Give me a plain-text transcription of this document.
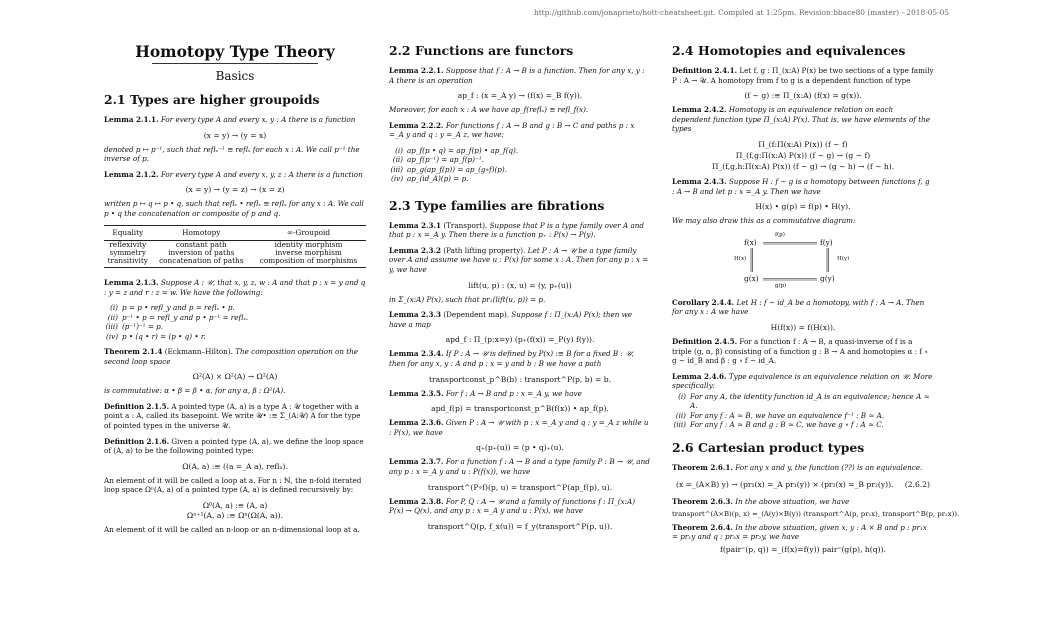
http://github.com/jonaprieto/hott-cheatsheet.git. Compiled at 1:25pm. Revision:bbace80 (master) - 2018-05-05
Homotopy Type Theory
Basics
2.1 Types are higher groupoids
Lemma 2.1.1. For every type A and every x, y : A there is a function
(x = y) → (y = x)
denoted p ↦ p⁻¹, such that reflₓ⁻¹ ≡ reflₓ for each x : A. We call p⁻¹ the inverse of p.
Lemma 2.1.2. For every type A and every x, y, z : A there is a function
(x = y) → (y = z) → (x = z)
written p ↦ q ↦ p • q, such that reflₓ • reflₓ ≡ reflₓ for any x : A. We call p • q the concatenation or composite of p and q.
Equality	Homotopy	∞-Groupoid
reflexivity	constant path	identity morphism
symmetry	inversion of paths	inverse morphism
transitivity	concatenation of paths	composition of morphisms
Lemma 2.1.3. Suppose A : 𝒰, that x, y, z, w : A and that p : x = y and q : y = z and r : z = w. We have the following:
(i) p = p • refl_y and p = reflₓ • p.
(ii) p⁻¹ • p = refl_y and p • p⁻¹ = reflₓ.
(iii) (p⁻¹)⁻¹ = p.
(iv) p • (q • r) = (p • q) • r.
Theorem 2.1.4 (Eckmann–Hilton). The composition operation on the second loop space
Ω²(A) × Ω²(A) → Ω²(A)
is commutative: α • β = β • α, for any α, β : Ω²(A).
Definition 2.1.5. A pointed type (A, a) is a type A : 𝒰 together with a point a : A, called its basepoint. We write 𝒰• :≡ Σ_(A:𝒰) A for the type of pointed types in the universe 𝒰.
Definition 2.1.6. Given a pointed type (A, a), we define the loop space of (A, a) to be the following pointed type:
Ω(A, a) :≡ ((a =_A a), reflₐ).
An element of it will be called a loop at a. For n : ℕ, the n-fold iterated loop space Ωⁿ(A, a) of a pointed type (A, a) is defined recursively by:
Ω⁰(A, a) :≡ (A, a)
Ωⁿ⁺¹(A, a) :≡ Ωⁿ(Ω(A, a)).
An element of it will be called an n-loop or an n-dimensional loop at a.
2.2 Functions are functors
Lemma 2.2.1. Suppose that f : A → B is a function. Then for any x, y : A there is an operation
ap_f : (x =_A y) → (f(x) =_B f(y)).
Moreover, for each x : A we have ap_f(reflₓ) ≡ refl_f(x).
Lemma 2.2.2. For functions f : A → B and g : B → C and paths p : x =_A y and q : y =_A z, we have:
(i) ap_f(p • q) = ap_f(p) • ap_f(q).
(ii) ap_f(p⁻¹) = ap_f(p)⁻¹.
(iii) ap_g(ap_f(p)) = ap_(g∘f)(p).
(iv) ap_(id_A)(p) = p.
2.3 Type families are fibrations
Lemma 2.3.1 (Transport). Suppose that P is a type family over A and that p : x =_A y. Then there is a function p₊ : P(x) → P(y).
Lemma 2.3.2 (Path lifting property). Let P : A → 𝒰 be a type family over A and assume we have u : P(x) for some x : A. Then for any p : x = y, we have
lift(u, p) : (x, u) = (y, p₊(u))
in Σ_(x:A) P(x), such that pr₁(lift(u, p)) = p.
Lemma 2.3.3 (Dependent map). Suppose f : Π_(x:A) P(x); then we have a map
apd_f : Π_(p:x=y) (p₊(f(x)) =_P(y) f(y)).
Lemma 2.3.4. If P : A → 𝒰 is defined by P(x) :≡ B for a fixed B : 𝒰, then for any x, y : A and p : x = y and b : B we have a path
transportconst_p^B(b) : transport^P(p, b) = b.
Lemma 2.3.5. For f : A → B and p : x =_A y, we have
apd_f(p) = transportconst_p^B(f(x)) • ap_f(p).
Lemma 2.3.6. Given P : A → 𝒰 with p : x =_A y and q : y =_A z while u : P(x), we have
q₊(p₊(u)) = (p • q)₊(u).
Lemma 2.3.7. For a function f : A → B and a type family P : B → 𝒰, and any p : x =_A y and u : P(f(x)), we have
transport^(P∘f)(p, u) = transport^P(ap_f(p), u).
Lemma 2.3.8. For P, Q : A → 𝒰 and a family of functions f : Π_(x:A) P(x) → Q(x), and any p : x =_A y and u : P(x), we have
transport^Q(p, f_x(u)) = f_y(transport^P(p, u)).
2.4 Homotopies and equivalences
Definition 2.4.1. Let f, g : Π_(x:A) P(x) be two sections of a type family P : A → 𝒰. A homotopy from f to g is a dependent function of type
(f ∼ g) :≡ Π_(x:A) (f(x) = g(x)).
Lemma 2.4.2. Homotopy is an equivalence relation on each dependent function type Π_(x:A) P(x). That is, we have elements of the types
Π_(f:Π(x:A) P(x)) (f ∼ f)
Π_(f,g:Π(x:A) P(x)) (f ∼ g) → (g ∼ f)
Π_(f,g,h:Π(x:A) P(x)) (f ∼ g) → (g ∼ h) → (f ∼ h).
Lemma 2.4.3. Suppose H : f ∼ g is a homotopy between functions f, g : A → B and let p : x =_A y. Then we have
H(x) • g(p) = f(p) • H(y).
We may also draw this as a commutative diagram:
f(p)
f(x)	f(y)
H(x)	H(y)
g(x)	g(y)
g(p)
Corollary 2.4.4. Let H : f ∼ id_A be a homotopy, with f : A → A. Then for any x : A we have
H(f(x)) = f(H(x)).
Definition 2.4.5. For a function f : A → B, a quasi-inverse of f is a triple (g, α, β) consisting of a function g : B → A and homotopies α : f ∘ g ∼ id_B and β : g ∘ f ∼ id_A.
Lemma 2.4.6. Type equivalence is an equivalence relation on 𝒰. More specifically:
(i) For any A, the identity function id_A is an equivalence; hence A ≃ A.
(ii) For any f : A ≃ B, we have an equivalence f⁻¹ : B ≃ A.
(iii) For any f : A ≃ B and g : B ≃ C, we have g ∘ f : A ≃ C.
2.6 Cartesian product types
Theorem 2.6.1. For any x and y, the function (??) is an equivalence.
(x =_(A×B) y) → (pr₁(x) =_A pr₁(y)) × (pr₂(x) =_B pr₂(y)). (2.6.2)
Theorem 2.6.3. In the above situation, we have
transport^(A×B)(p, x) =_(A(y)×B(y)) (transport^A(p, pr₁x), transport^B(p, pr₂x)).
Theorem 2.6.4. In the above situation, given x, y : A × B and p : pr₁x = pr₁y and q : pr₂x = pr₂y, we have
f(pair⁼(p, q)) =_(f(x)=f(y)) pair⁼(g(p), h(q)).
